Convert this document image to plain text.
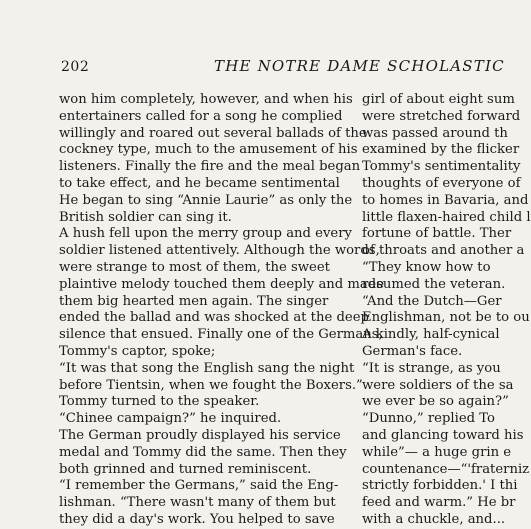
202	THE NOTRE DAME SCHOLASTIC
won him completely, however, and when his
entertainers called for a song he complied
willingly and roared out several ballads of the
cockney type, much to the amusement of his
listeners. Finally the fire and the meal began
to take effect, and he became sentimental
He began to sing “Annie Laurie” as only the
British soldier can sing it.
A hush fell upon the merry group and every
soldier listened attentively. Although the words,
were strange to most of them, the sweet
plaintive melody touched them deeply and made
them big hearted men again. The singer
ended the ballad and was shocked at the deep
silence that ensued. Finally one of the Germans,
Tommy's captor, spoke;
“It was that song the English sang the night
before Tientsin, when we fought the Boxers.”
Tommy turned to the speaker.
“Chinee campaign?” he inquired.
The German proudly displayed his service
medal and Tommy did the same. Then they
both grinned and turned reminiscent.
“I remember the Germans,” said the Eng-
lishman. “There wasn't many of them but
they did a day's work. You helped to save
girl of about eight sum
were stretched forward
was passed around th
examined by the flicker
Tommy's sentimentality
thoughts of everyone of
to homes in Bavaria, and
little flaxen-haired child l
fortune of battle. Ther
of throats and another a
“They know how to
resumed the veteran.
“And the Dutch—Ger
Englishman, not be to ou
A kindly, half-cynical
German's face.
“It is strange, as you
were soldiers of the sa
we ever be so again?”
“Dunno,” replied To
and glancing toward his
while”— a huge grin e
countenance—“'fraterniz
strictly forbidden.' I thi
feed and warm.” He br
with a chuckle, and...
